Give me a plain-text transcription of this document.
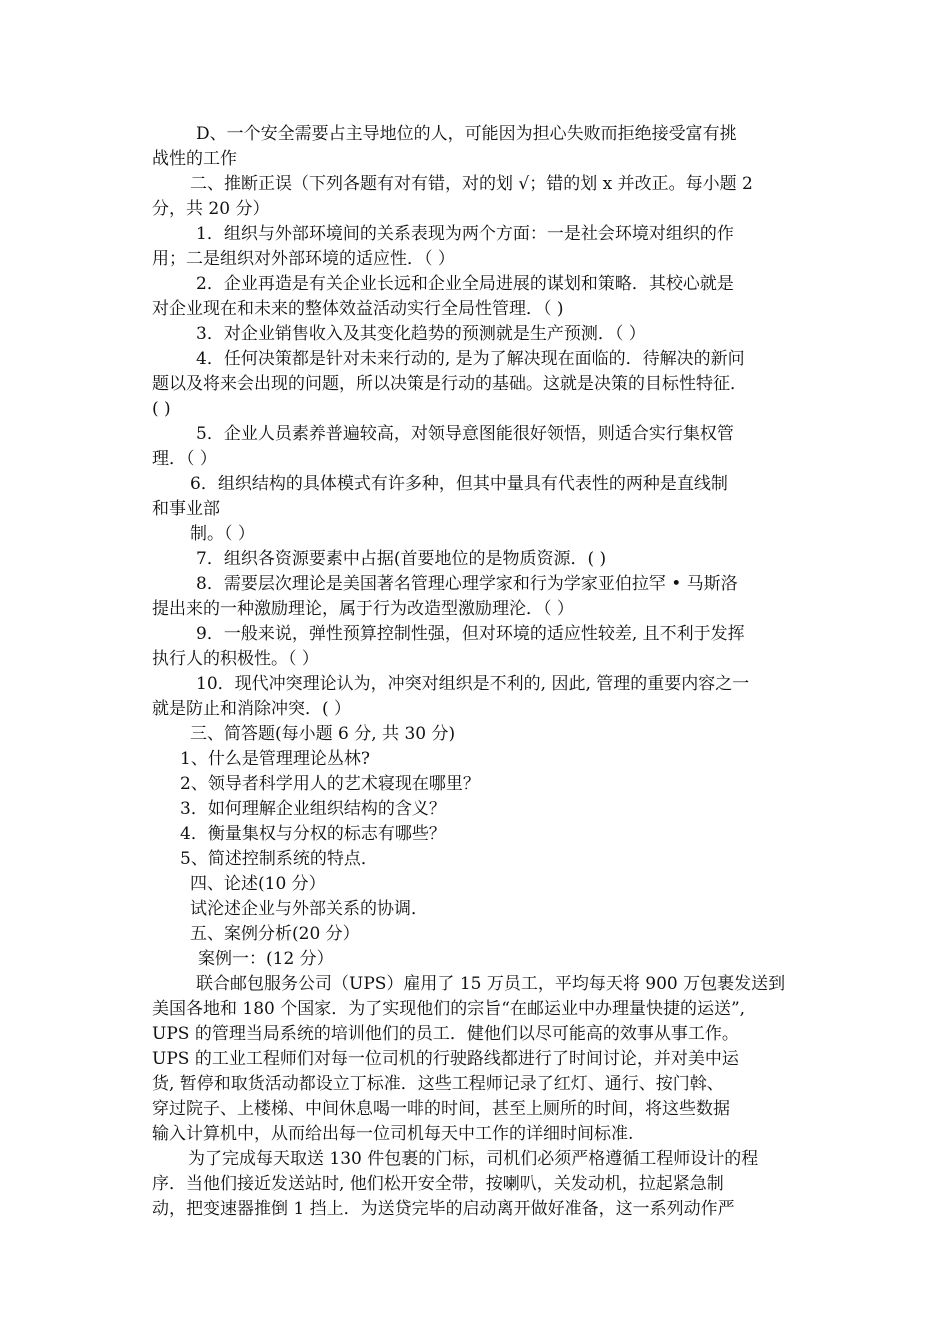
D、一个安全需要占主导地位的人，可能因为担心失败而拒绝接受富有挑

战性的工作

二、推断正误（下列各题有对有错，对的划 √；错的划 x 并改正。每小题 2

分，共 20 分）

1．组织与外部环境间的关系表现为两个方面：一是社会环境对组织的作

用；二是组织对外部环境的适应性．（ ）

2．企业再造是有关企业长远和企业全局进展的谋划和策略．其校心就是

对企业现在和未来的整体效益活动实行全局性管理．（ )

3．对企业销售收入及其变化趋势的预测就是生产预测．（ ）

4．任何决策都是针对未来行动的, 是为了解决现在面临的．待解决的新问

题以及将来会出现的问题，所以决策是行动的基础。这就是决策的目标性特征．

( )

5．企业人员素养普遍较高，对领导意图能很好领悟，则适合实行集权管

理．（ ）

6．组织结构的具体模式有许多种，但其中量具有代表性的两种是直线制

和事业部

制。（ ）

7．组织各资源要素中占据(首要地位的是物质资源．( )

8．需要层次理论是美国著名管理心理学家和行为学家亚伯拉罕 • 马斯洛

提出来的一种激励理论，属于行为改造型激励理沦．（ ）

9．一般来说，弹性预算控制性强，但对环境的适应性较差, 且不利于发挥

执行人的积极性。（ ）

10．现代冲突理论认为，冲突对组织是不利的, 因此, 管理的重要内容之一

就是防止和消除冲突．( ）

三、简答题(每小题 6 分, 共 30 分)

1、什么是管理理论丛林?

2、领导者科学用人的艺术寝现在哪里？

3．如何理解企业组织结构的含义？

4．衡量集权与分权的标志有哪些？

5、简述控制系统的特点．

四、论述(10 分）

试沦述企业与外部关系的协调．

五、案例分析(20 分）

案例一：(12 分）

联合邮包服务公司（UPS）雇用了 15 万员工，平均每天将 900 万包裹发送到

美国各地和 180 个国家．为了实现他们的宗旨“在邮运业中办理量快捷的运送”,

UPS 的管理当局系统的培训他们的员工．健他们以尽可能高的效事从事工作。

UPS 的工业工程师们对每一位司机的行驶路线都进行了时间讨论，并对美中运

货, 暂停和取货活动都设立丁标准．这些工程师记录了红灯、通行、按门斡、

穿过院子、上楼梯、中间休息喝一啡的时间，甚至上厕所的时间，将这些数据

输入计算机中，从而给出每一位司机每天中工作的详细时间标准.

为了完成每天取送 130 件包裹的门标，司机们必须严格遵循工程师设计的程

序．当他们接近发送站时, 他们松开安全带，按喇叭，关发动机，拉起紧急制

动，把变速器推倒 1 挡上．为送贷完毕的启动离开做好准备，这一系列动作严
